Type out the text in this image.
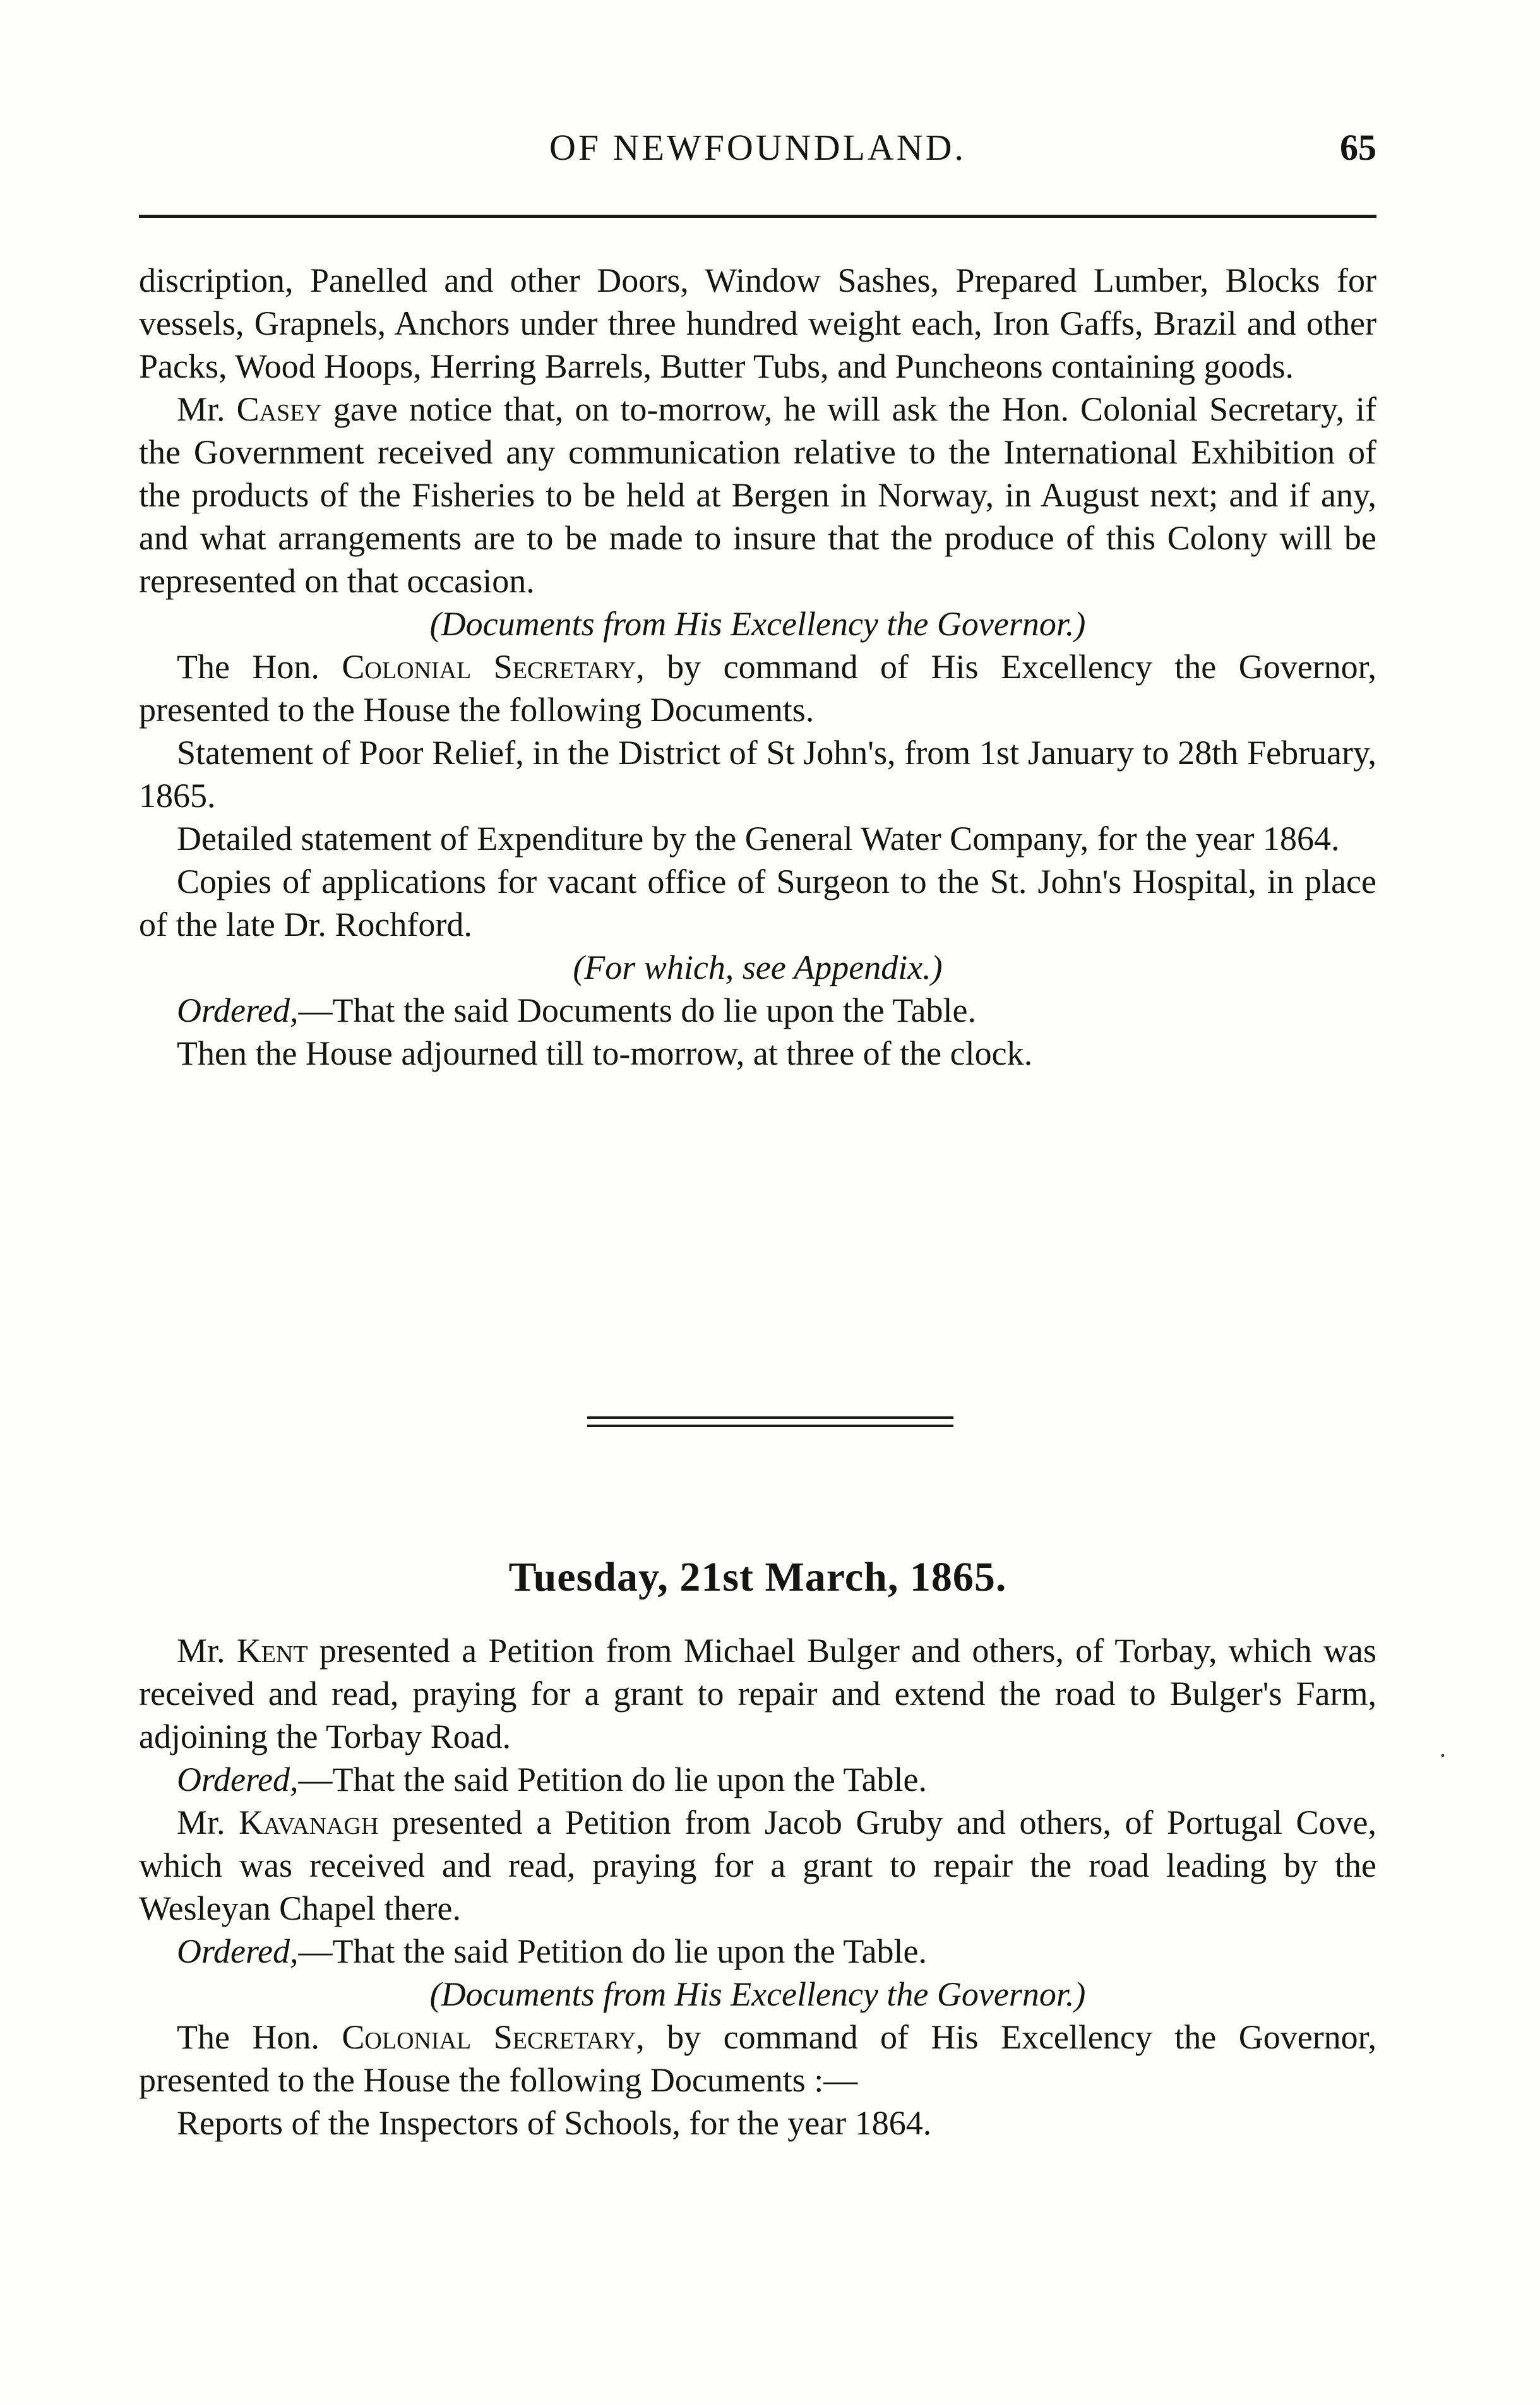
OF NEWFOUNDLAND.	65

discription, Panelled and other Doors, Window Sashes, Prepared Lumber, Blocks for vessels, Grapnels, Anchors under three hundred weight each, Iron Gaffs, Brazil and other Packs, Wood Hoops, Herring Barrels, Butter Tubs, and Puncheons containing goods.

Mr. Casey gave notice that, on to-morrow, he will ask the Hon. Colonial Secretary, if the Government received any communication relative to the International Exhibition of the products of the Fisheries to be held at Bergen in Norway, in August next; and if any, and what arrangements are to be made to insure that the produce of this Colony will be represented on that occasion.

(Documents from His Excellency the Governor.)

The Hon. Colonial Secretary, by command of His Excellency the Governor, presented to the House the following Documents.

Statement of Poor Relief, in the District of St John's, from 1st January to 28th February, 1865.

Detailed statement of Expenditure by the General Water Company, for the year 1864.

Copies of applications for vacant office of Surgeon to the St. John's Hospital, in place of the late Dr. Rochford.

(For which, see Appendix.)

Ordered,—That the said Documents do lie upon the Table.

Then the House adjourned till to-morrow, at three of the clock.

Tuesday, 21st March, 1865.

Mr. Kent presented a Petition from Michael Bulger and others, of Torbay, which was received and read, praying for a grant to repair and extend the road to Bulger's Farm, adjoining the Torbay Road.

Ordered,—That the said Petition do lie upon the Table.

Mr. Kavanagh presented a Petition from Jacob Gruby and others, of Portugal Cove, which was received and read, praying for a grant to repair the road leading by the Wesleyan Chapel there.

Ordered,—That the said Petition do lie upon the Table.

(Documents from His Excellency the Governor.)

The Hon. Colonial Secretary, by command of His Excellency the Governor, presented to the House the following Documents :—

Reports of the Inspectors of Schools, for the year 1864.

.
